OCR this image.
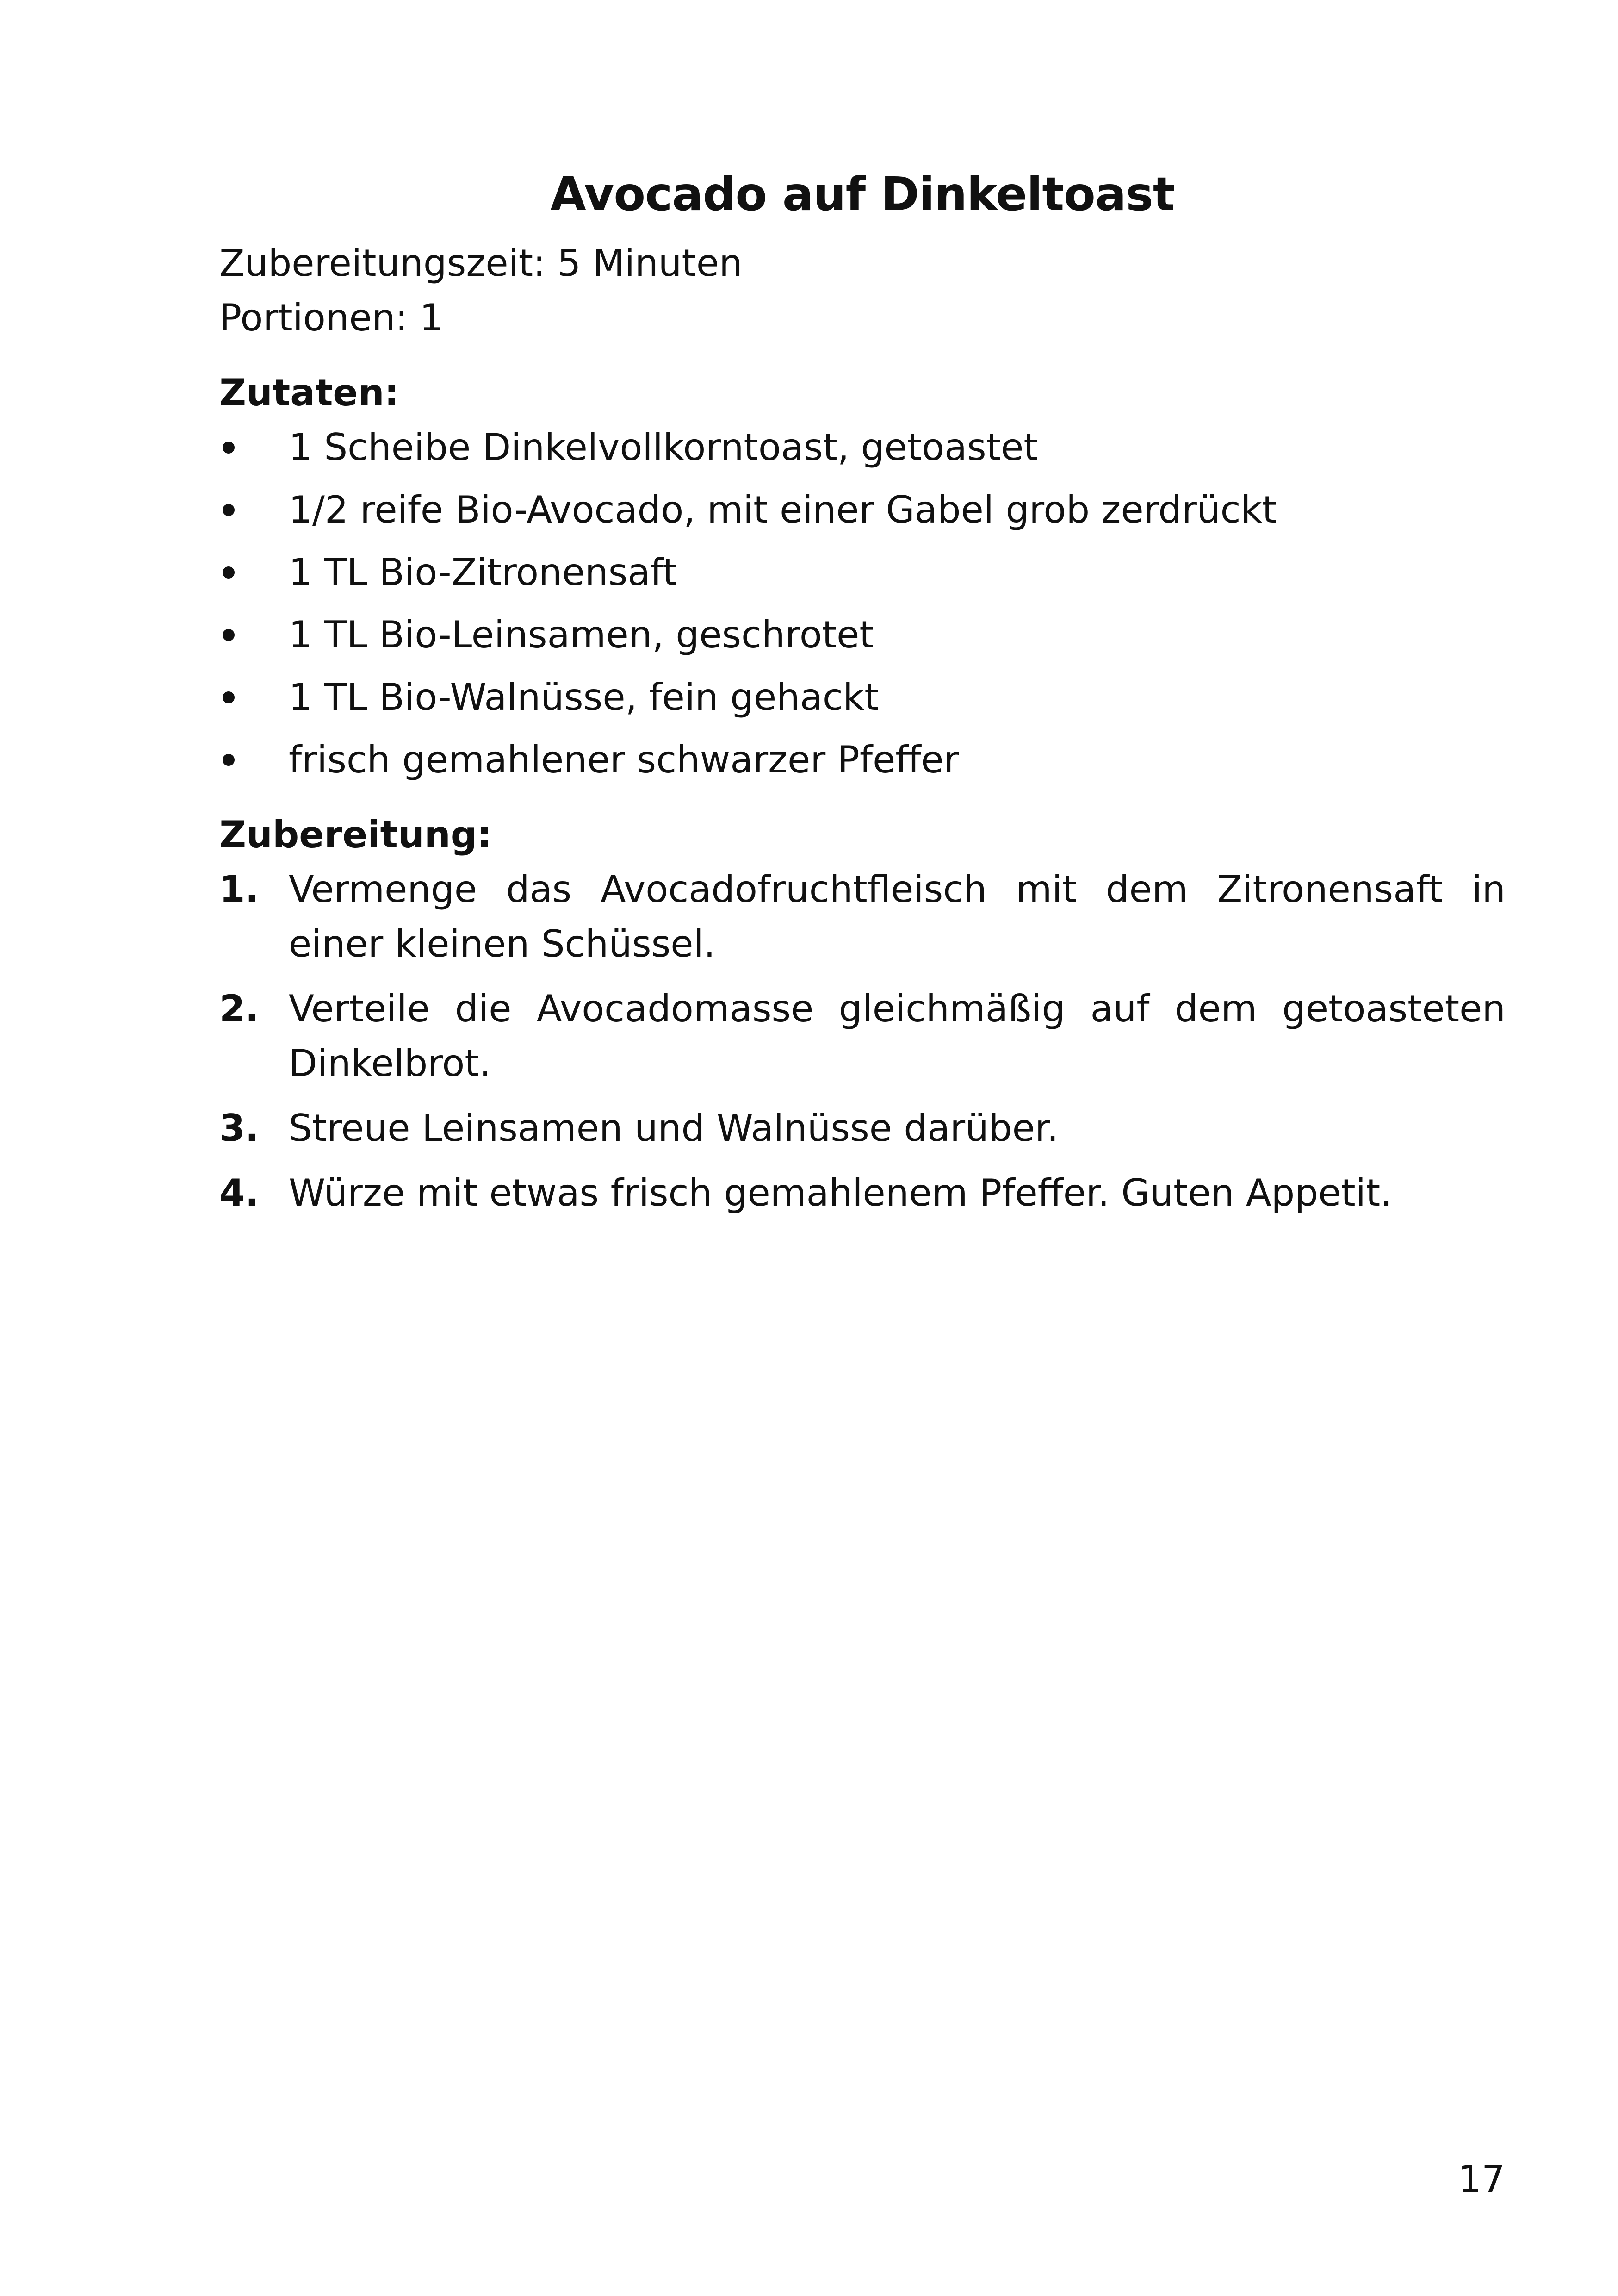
Avocado auf Dinkeltoast

Zubereitungszeit: 5 Minuten

Portionen: 1

Zutaten:
1 Scheibe Dinkelvollkorntoast, getoastet
1/2 reife Bio-Avocado, mit einer Gabel grob zerdrückt
1 TL Bio-Zitronensaft
1 TL Bio-Leinsamen, geschrotet
1 TL Bio-Walnüsse, fein gehackt
frisch gemahlener schwarzer Pfeffer
Zubereitung:
1. Vermenge das Avocadofruchtfleisch mit dem Zitronensaft in einer kleinen Schüssel.
2. Verteile die Avocadomasse gleichmäßig auf dem getoasteten Dinkelbrot.
3. Streue Leinsamen und Walnüsse darüber.
4. Würze mit etwas frisch gemahlenem Pfeffer. Guten Appetit.
17
